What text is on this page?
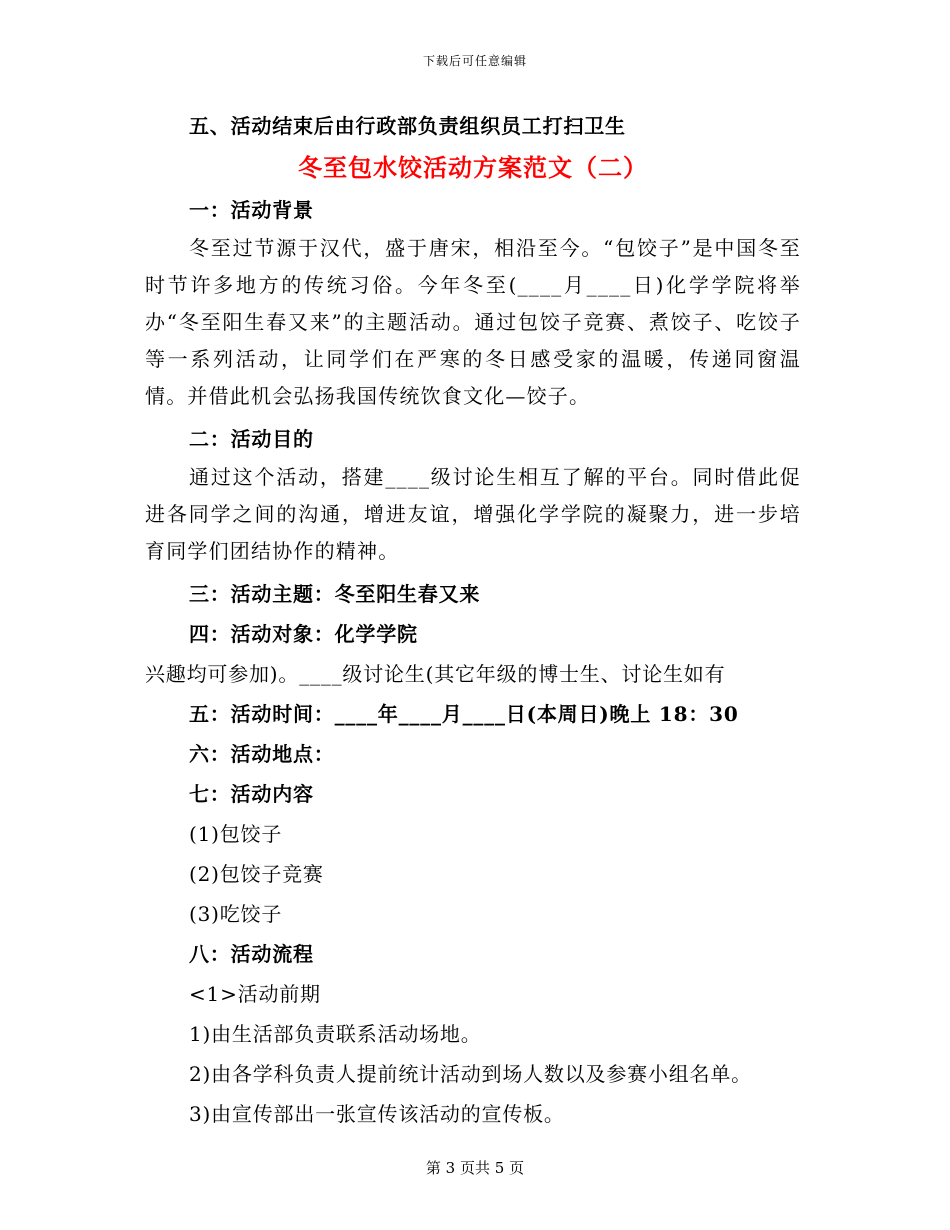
下载后可任意编辑
五、活动结束后由行政部负责组织员工打扫卫生
冬至包水饺活动方案范文（二）
一：活动背景
冬至过节源于汉代，盛于唐宋，相沿至今。“包饺子”是中国冬至时节许多地方的传统习俗。今年冬至(____月____日)化学学院将举办“冬至阳生春又来”的主题活动。通过包饺子竞赛、煮饺子、吃饺子等一系列活动，让同学们在严寒的冬日感受家的温暖，传递同窗温情。并借此机会弘扬我国传统饮食文化—饺子。
二：活动目的
通过这个活动，搭建____级讨论生相互了解的平台。同时借此促进各同学之间的沟通，增进友谊，增强化学学院的凝聚力，进一步培育同学们团结协作的精神。
三：活动主题：冬至阳生春又来
四：活动对象：化学学院
兴趣均可参加)。____级讨论生(其它年级的博士生、讨论生如有
五：活动时间：____年____月____日(本周日)晚上 18：30
六：活动地点：
七：活动内容
(1)包饺子
(2)包饺子竞赛
(3)吃饺子
八：活动流程
<1>活动前期
1)由生活部负责联系活动场地。
2)由各学科负责人提前统计活动到场人数以及参赛小组名单。
3)由宣传部出一张宣传该活动的宣传板。
第 3 页共 5 页
